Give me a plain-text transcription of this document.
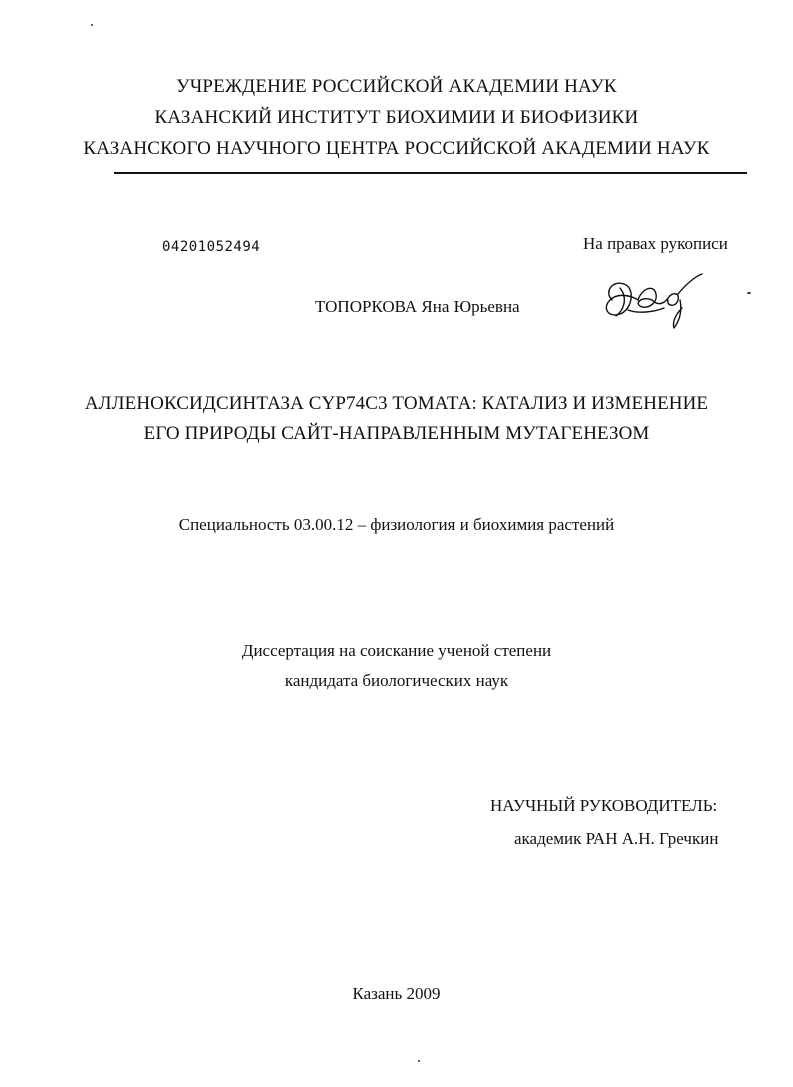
УЧРЕЖДЕНИЕ РОССИЙСКОЙ АКАДЕМИИ НАУК
КАЗАНСКИЙ ИНСТИТУТ БИОХИМИИ И БИОФИЗИКИ
КАЗАНСКОГО НАУЧНОГО ЦЕНТРА РОССИЙСКОЙ АКАДЕМИИ НАУК
04201052494	На правах рукописи
ТОПОРКОВА Яна Юрьевна
АЛЛЕНОКСИДСИНТАЗА CYP74C3 ТОМАТА: КАТАЛИЗ И ИЗМЕНЕНИЕ
ЕГО ПРИРОДЫ САЙТ-НАПРАВЛЕННЫМ МУТАГЕНЕЗОМ
Специальность 03.00.12 – физиология и биохимия растений
Диссертация на соискание ученой степени
кандидата биологических наук
НАУЧНЫЙ РУКОВОДИТЕЛЬ:
академик РАН А.Н. Гречкин
Казань 2009
